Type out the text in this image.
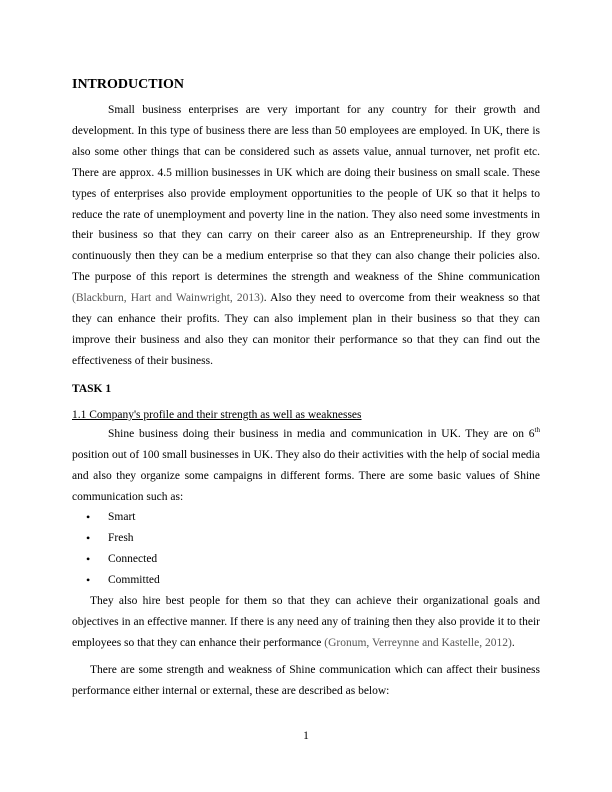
INTRODUCTION

Small business enterprises are very important for any country for their growth and development. In this type of business there are less than 50 employees are employed. In UK, there is also some other things that can be considered such as assets value, annual turnover, net profit etc. There are approx. 4.5 million businesses in UK which are doing their business on small scale. These types of enterprises also provide employment opportunities to the people of UK so that it helps to reduce the rate of unemployment and poverty line in the nation. They also need some investments in their business so that they can carry on their career also as an Entrepreneurship. If they grow continuously then they can be a medium enterprise so that they can also change their policies also. The purpose of this report is determines the strength and weakness of the Shine communication (Blackburn, Hart and Wainwright, 2013). Also they need to overcome from their weakness so that they can enhance their profits. They can also implement plan in their business so that they can improve their business and also they can monitor their performance so that they can find out the effectiveness of their business.

TASK 1

1.1 Company's profile and their strength as well as weaknesses

Shine business doing their business in media and communication in UK. They are on 6th position out of 100 small businesses in UK. They also do their activities with the help of social media and also they organize some campaigns in different forms. There are some basic values of Shine communication such as:

• Smart
• Fresh
• Connected
• Committed

They also hire best people for them so that they can achieve their organizational goals and objectives in an effective manner. If there is any need any of training then they also provide it to their employees so that they can enhance their performance (Gronum, Verreynne and Kastelle, 2012).

There are some strength and weakness of Shine communication which can affect their business performance either internal or external, these are described as below:

1
